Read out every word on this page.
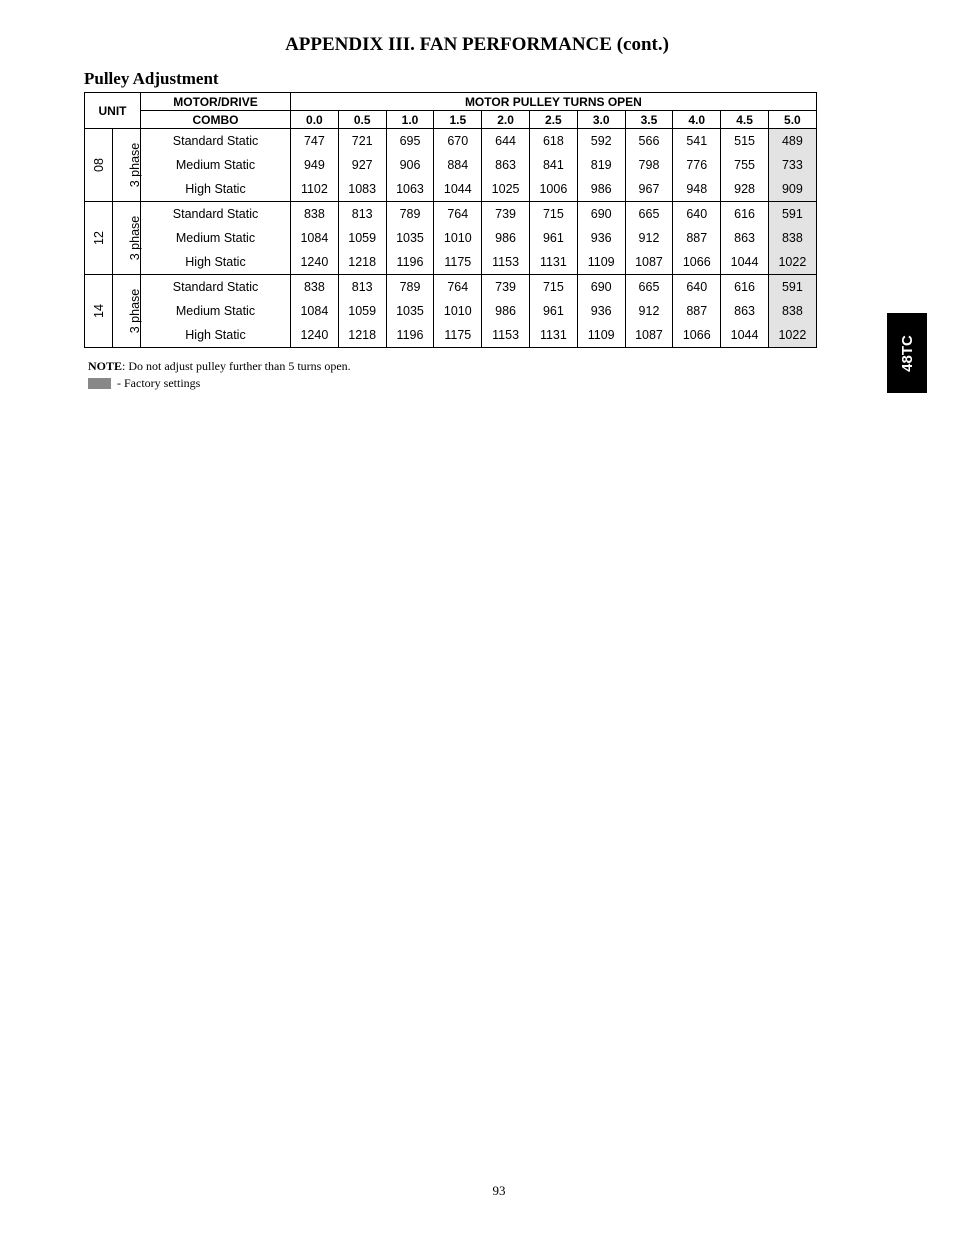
APPENDIX III. FAN PERFORMANCE (cont.)
Pulley Adjustment
UNIT		MOTOR/DRIVE	MOTOR PULLEY TURNS OPEN										
		COMBO	0.0	0.5	1.0	1.5	2.0	2.5	3.0	3.5	4.0	4.5	5.0
08	3 phase	Standard Static	747	721	695	670	644	618	592	566	541	515	489
		Medium Static	949	927	906	884	863	841	819	798	776	755	733
		High Static	1102	1083	1063	1044	1025	1006	986	967	948	928	909
12	3 phase	Standard Static	838	813	789	764	739	715	690	665	640	616	591
		Medium Static	1084	1059	1035	1010	986	961	936	912	887	863	838
		High Static	1240	1218	1196	1175	1153	1131	1109	1087	1066	1044	1022
14	3 phase	Standard Static	838	813	789	764	739	715	690	665	640	616	591
		Medium Static	1084	1059	1035	1010	986	961	936	912	887	863	838
		High Static	1240	1218	1196	1175	1153	1131	1109	1087	1066	1044	1022
NOTE: Do not adjust pulley further than 5 turns open.
- Factory settings
48TC
93
